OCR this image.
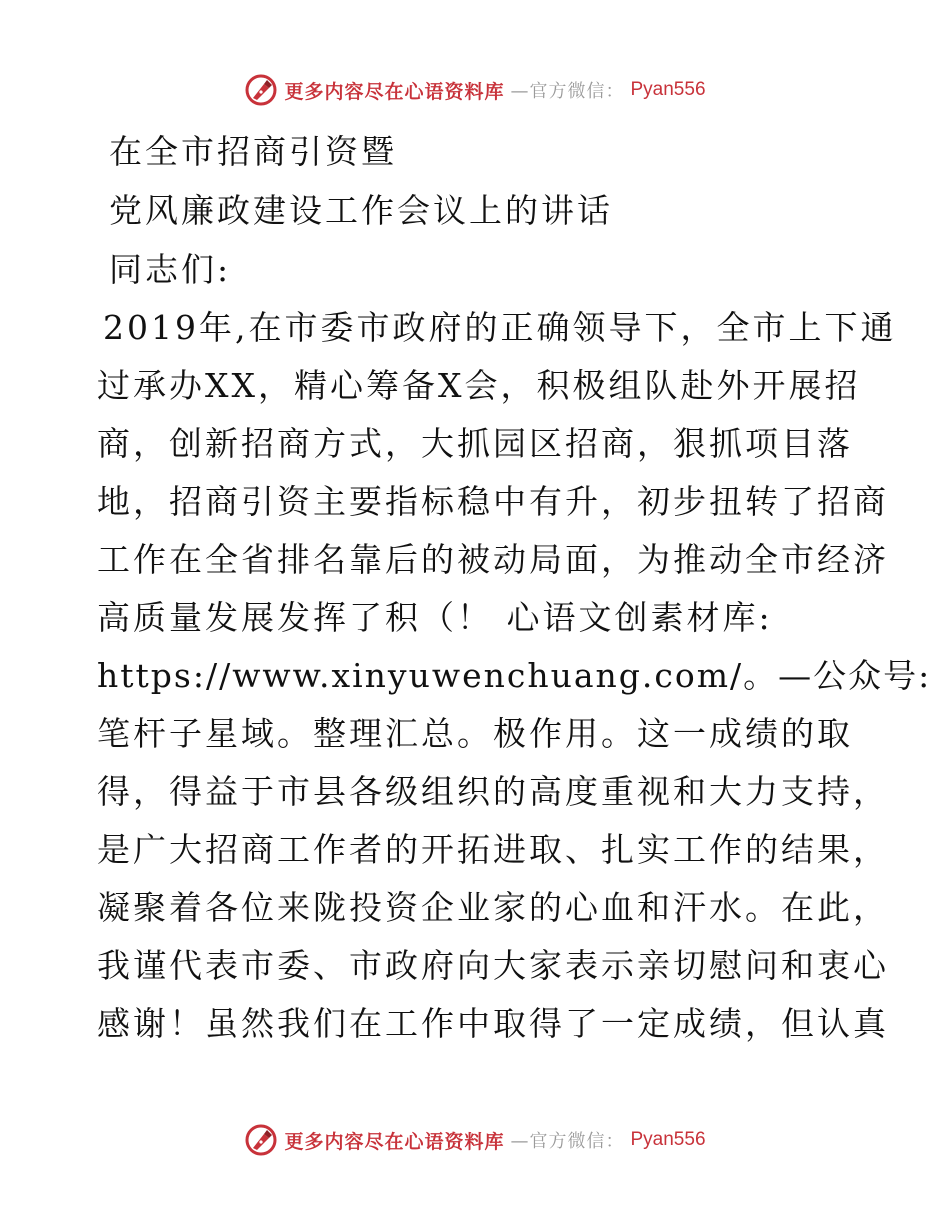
更多内容尽在心语资料库 —官方微信： Pyan556
在全市招商引资暨
党风廉政建设工作会议上的讲话
同志们:
2019年,在市委市政府的正确领导下，全市上下通
过承办XX，精心筹备X会，积极组队赴外开展招
商，创新招商方式，大抓园区招商，狠抓项目落
地，招商引资主要指标稳中有升，初步扭转了招商
工作在全省排名靠后的被动局面，为推动全市经济
高质量发展发挥了积（！ 心语文创素材库:
https://www.xinyuwenchuang.com/。—公众号:
笔杆子星域。整理汇总。极作用。这一成绩的取
得，得益于市县各级组织的高度重视和大力支持，
是广大招商工作者的开拓进取、扎实工作的结果，
凝聚着各位来陇投资企业家的心血和汗水。在此，
我谨代表市委、市政府向大家表示亲切慰问和衷心
感谢！虽然我们在工作中取得了一定成绩，但认真
更多内容尽在心语资料库 —官方微信： Pyan556
